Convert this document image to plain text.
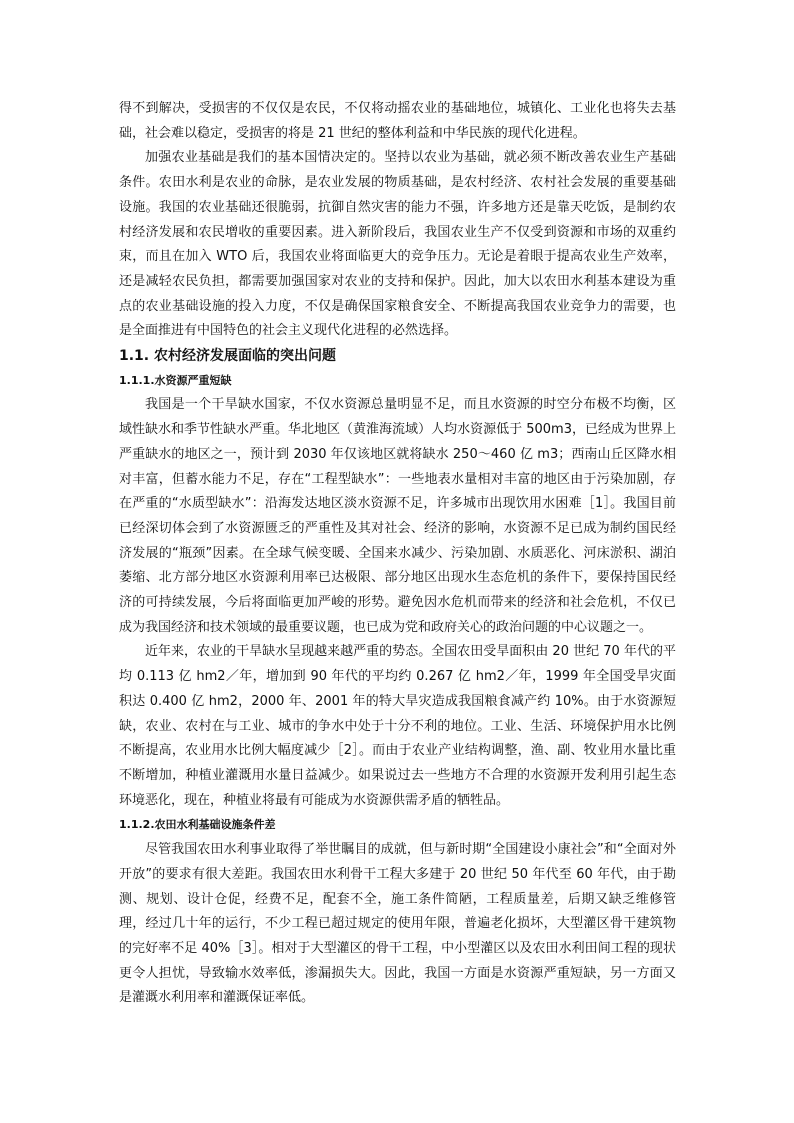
得不到解决，受损害的不仅仅是农民，不仅将动摇农业的基础地位，城镇化、工业化也将失去基础，社会难以稳定，受损害的将是 21 世纪的整体利益和中华民族的现代化进程。

加强农业基础是我们的基本国情决定的。坚持以农业为基础，就必须不断改善农业生产基础条件。农田水利是农业的命脉，是农业发展的物质基础，是农村经济、农村社会发展的重要基础设施。我国的农业基础还很脆弱，抗御自然灾害的能力不强，许多地方还是靠天吃饭，是制约农村经济发展和农民增收的重要因素。进入新阶段后，我国农业生产不仅受到资源和市场的双重约束，而且在加入 WTO 后，我国农业将面临更大的竞争压力。无论是着眼于提高农业生产效率，还是减轻农民负担，都需要加强国家对农业的支持和保护。因此，加大以农田水利基本建设为重点的农业基础设施的投入力度，不仅是确保国家粮食安全、不断提高我国农业竞争力的需要，也是全面推进有中国特色的社会主义现代化进程的必然选择。

1.1. 农村经济发展面临的突出问题

1.1.1.水资源严重短缺

我国是一个干旱缺水国家，不仅水资源总量明显不足，而且水资源的时空分布极不均衡，区域性缺水和季节性缺水严重。华北地区（黄淮海流域）人均水资源低于 500m3，已经成为世界上严重缺水的地区之一，预计到 2030 年仅该地区就将缺水 250～460 亿 m3；西南山丘区降水相对丰富，但蓄水能力不足，存在“工程型缺水”：一些地表水量相对丰富的地区由于污染加剧，存在严重的“水质型缺水”：沿海发达地区淡水资源不足，许多城市出现饮用水困难［1］。我国目前已经深切体会到了水资源匮乏的严重性及其对社会、经济的影响，水资源不足已成为制约国民经济发展的“瓶颈”因素。在全球气候变暖、全国来水减少、污染加剧、水质恶化、河床淤积、湖泊萎缩、北方部分地区水资源利用率已达极限、部分地区出现水生态危机的条件下，要保持国民经济的可持续发展，今后将面临更加严峻的形势。避免因水危机而带来的经济和社会危机，不仅已成为我国经济和技术领域的最重要议题，也已成为党和政府关心的政治问题的中心议题之一。

近年来，农业的干旱缺水呈现越来越严重的势态。全国农田受旱面积由 20 世纪 70 年代的平均 0.113 亿 hm2／年，增加到 90 年代的平均约 0.267 亿 hm2／年，1999 年全国受旱灾面积达 0.400 亿 hm2，2000 年、2001 年的特大旱灾造成我国粮食减产约 10%。由于水资源短缺，农业、农村在与工业、城市的争水中处于十分不利的地位。工业、生活、环境保护用水比例不断提高，农业用水比例大幅度减少［2］。而由于农业产业结构调整，渔、副、牧业用水量比重不断增加，种植业灌溉用水量日益减少。如果说过去一些地方不合理的水资源开发利用引起生态环境恶化，现在，种植业将最有可能成为水资源供需矛盾的牺牲品。

1.1.2.农田水利基础设施条件差

尽管我国农田水利事业取得了举世瞩目的成就，但与新时期“全国建设小康社会”和“全面对外开放”的要求有很大差距。我国农田水利骨干工程大多建于 20 世纪 50 年代至 60 年代，由于勘测、规划、设计仓促，经费不足，配套不全，施工条件简陋，工程质量差，后期又缺乏维修管理，经过几十年的运行，不少工程已超过规定的使用年限，普遍老化损坏，大型灌区骨干建筑物的完好率不足 40%［3］。相对于大型灌区的骨干工程，中小型灌区以及农田水利田间工程的现状更令人担忧，导致输水效率低，渗漏损失大。因此，我国一方面是水资源严重短缺，另一方面又是灌溉水利用率和灌溉保证率低。
